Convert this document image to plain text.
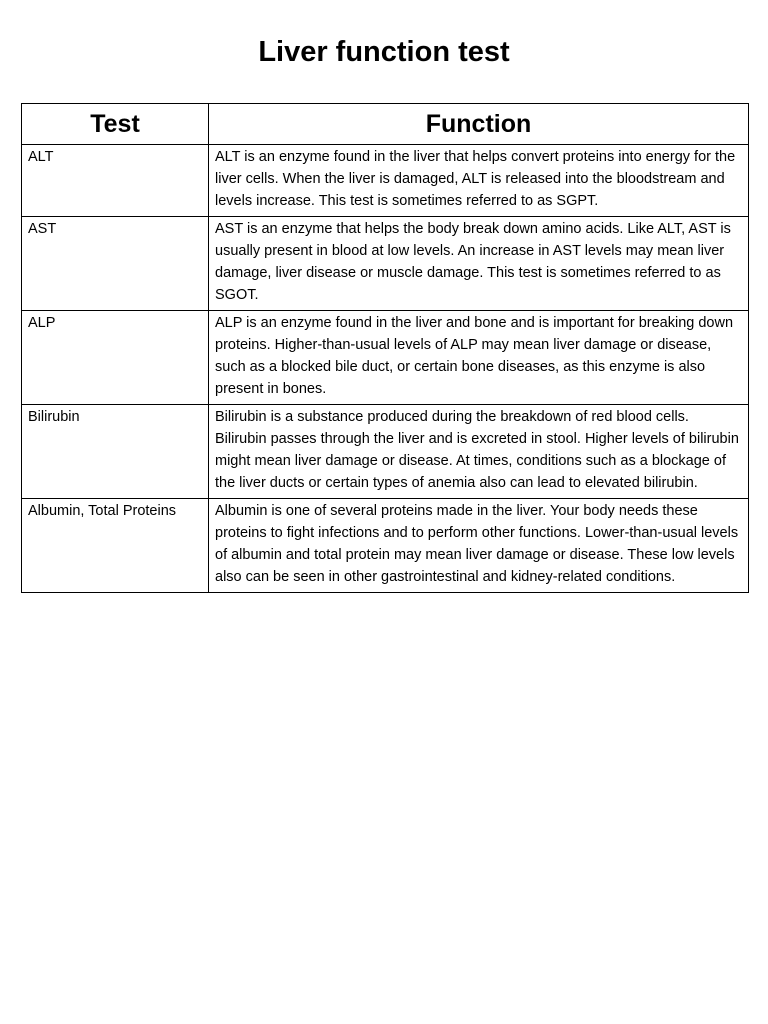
Liver function test
Test	Function
ALT	ALT is an enzyme found in the liver that helps convert proteins into energy for the liver cells. When the liver is damaged, ALT is released into the bloodstream and levels increase. This test is sometimes referred to as SGPT.
AST	AST is an enzyme that helps the body break down amino acids. Like ALT, AST is usually present in blood at low levels. An increase in AST levels may mean liver damage, liver disease or muscle damage. This test is sometimes referred to as SGOT.
ALP	ALP is an enzyme found in the liver and bone and is important for breaking down proteins. Higher-than-usual levels of ALP may mean liver damage or disease, such as a blocked bile duct, or certain bone diseases, as this enzyme is also present in bones.
Bilirubin	Bilirubin is a substance produced during the breakdown of red blood cells. Bilirubin passes through the liver and is excreted in stool. Higher levels of bilirubin might mean liver damage or disease. At times, conditions such as a blockage of the liver ducts or certain types of anemia also can lead to elevated bilirubin.
Albumin, Total Proteins	Albumin is one of several proteins made in the liver. Your body needs these proteins to fight infections and to perform other functions. Lower-than-usual levels of albumin and total protein may mean liver damage or disease. These low levels also can be seen in other gastrointestinal and kidney-related conditions.
